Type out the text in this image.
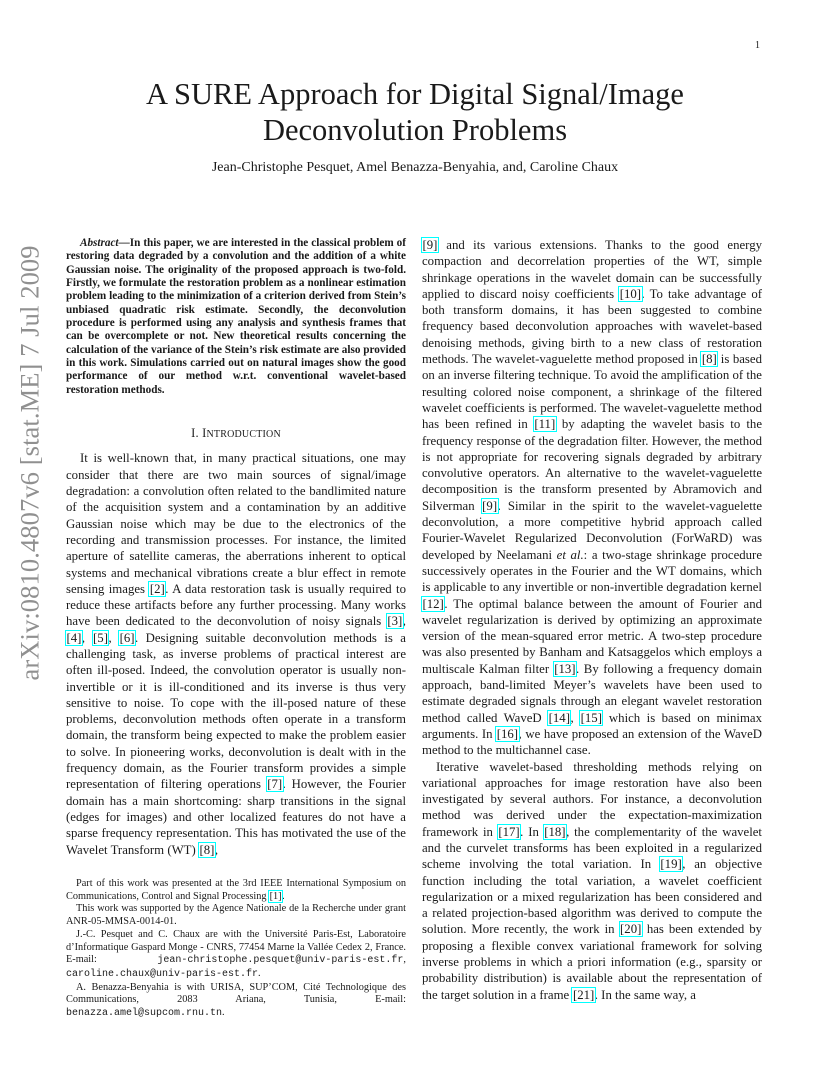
1
arXiv:0810.4807v6 [stat.ME] 7 Jul 2009
A SURE Approach for Digital Signal/Image
Deconvolution Problems
Jean-Christophe Pesquet, Amel Benazza-Benyahia, and, Caroline Chaux

Abstract—In this paper, we are interested in the classical problem of restoring data degraded by a convolution and the addition of a white Gaussian noise. The originality of the proposed approach is two-fold. Firstly, we formulate the restoration problem as a nonlinear estimation problem leading to the minimization of a criterion derived from Stein’s unbiased quadratic risk estimate. Secondly, the deconvolution procedure is performed using any analysis and synthesis frames that can be overcomplete or not. New theoretical results concerning the calculation of the variance of the Stein’s risk estimate are also provided in this work. Simulations carried out on natural images show the good performance of our method w.r.t. conventional wavelet-based restoration methods.

I. INTRODUCTION

It is well-known that, in many practical situations, one may consider that there are two main sources of signal/image degradation: a convolution often related to the bandlimited nature of the acquisition system and a contamination by an additive Gaussian noise which may be due to the electronics of the recording and transmission processes. For instance, the limited aperture of satellite cameras, the aberrations inherent to optical systems and mechanical vibrations create a blur effect in remote sensing images [2]. A data restoration task is usually required to reduce these artifacts before any further processing. Many works have been dedicated to the deconvolution of noisy signals [3], [4], [5], [6]. Designing suitable deconvolution methods is a challenging task, as inverse problems of practical interest are often ill-posed. Indeed, the convolution operator is usually non-invertible or it is ill-conditioned and its inverse is thus very sensitive to noise. To cope with the ill-posed nature of these problems, deconvolution methods often operate in a transform domain, the transform being expected to make the problem easier to solve. In pioneering works, deconvolution is dealt with in the frequency domain, as the Fourier transform provides a simple representation of filtering operations [7]. However, the Fourier domain has a main shortcoming: sharp transitions in the signal (edges for images) and other localized features do not have a sparse frequency representation. This has motivated the use of the Wavelet Transform (WT) [8],

Part of this work was presented at the 3rd IEEE International Symposium on Communications, Control and Signal Processing [1].

This work was supported by the Agence Nationale de la Recherche under grant ANR-05-MMSA-0014-01.

J.-C. Pesquet and C. Chaux are with the Université Paris-Est, Laboratoire d’Informatique Gaspard Monge - CNRS, 77454 Marne la Vallée Cedex 2, France. E-mail: jean-christophe.pesquet@univ-paris-est.fr, caroline.chaux@univ-paris-est.fr.

A. Benazza-Benyahia is with URISA, SUP’COM, Cité Technologique des Communications, 2083 Ariana, Tunisia, E-mail: benazza.amel@supcom.rnu.tn.

[9] and its various extensions. Thanks to the good energy compaction and decorrelation properties of the WT, simple shrinkage operations in the wavelet domain can be successfully applied to discard noisy coefficients [10]. To take advantage of both transform domains, it has been suggested to combine frequency based deconvolution approaches with wavelet-based denoising methods, giving birth to a new class of restoration methods. The wavelet-vaguelette method proposed in [8] is based on an inverse filtering technique. To avoid the amplification of the resulting colored noise component, a shrinkage of the filtered wavelet coefficients is performed. The wavelet-vaguelette method has been refined in [11] by adapting the wavelet basis to the frequency response of the degradation filter. However, the method is not appropriate for recovering signals degraded by arbitrary convolutive operators. An alternative to the wavelet-vaguelette decomposition is the transform presented by Abramovich and Silverman [9]. Similar in the spirit to the wavelet-vaguelette deconvolution, a more competitive hybrid approach called Fourier-Wavelet Regularized Deconvolution (ForWaRD) was developed by Neelamani et al.: a two-stage shrinkage procedure successively operates in the Fourier and the WT domains, which is applicable to any invertible or non-invertible degradation kernel [12]. The optimal balance between the amount of Fourier and wavelet regularization is derived by optimizing an approximate version of the mean-squared error metric. A two-step procedure was also presented by Banham and Katsaggelos which employs a multiscale Kalman filter [13]. By following a frequency domain approach, band-limited Meyer’s wavelets have been used to estimate degraded signals through an elegant wavelet restoration method called WaveD [14], [15] which is based on minimax arguments. In [16], we have proposed an extension of the WaveD method to the multichannel case.

Iterative wavelet-based thresholding methods relying on variational approaches for image restoration have also been investigated by several authors. For instance, a deconvolution method was derived under the expectation-maximization framework in [17]. In [18], the complementarity of the wavelet and the curvelet transforms has been exploited in a regularized scheme involving the total variation. In [19], an objective function including the total variation, a wavelet coefficient regularization or a mixed regularization has been considered and a related projection-based algorithm was derived to compute the solution. More recently, the work in [20] has been extended by proposing a flexible convex variational framework for solving inverse problems in which a priori information (e.g., sparsity or probability distribution) is available about the representation of the target solution in a frame [21]. In the same way, a
